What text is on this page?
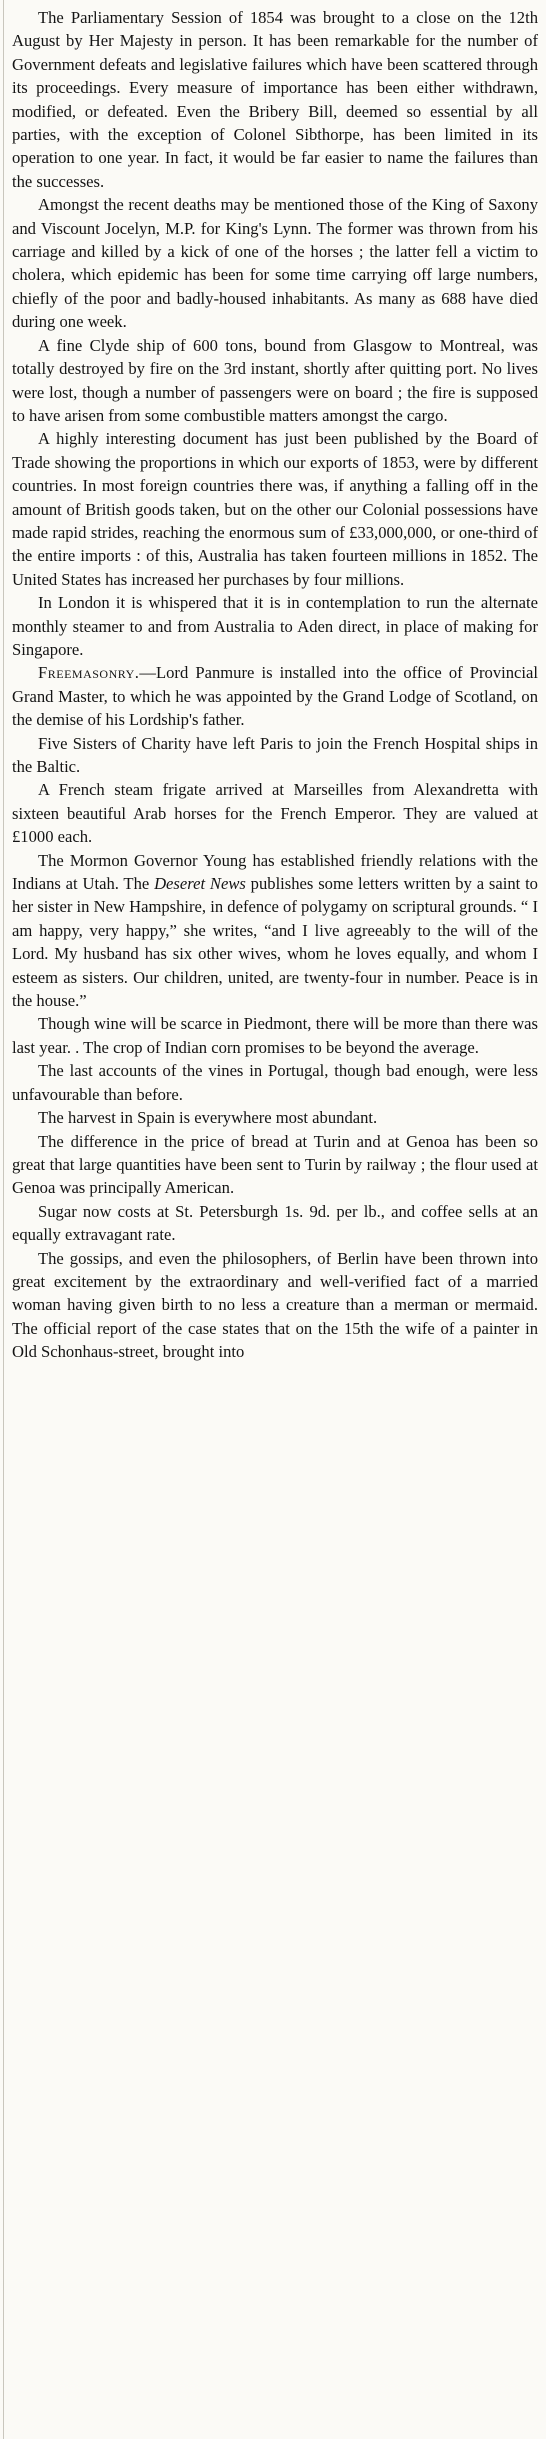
The Parliamentary Session of 1854 was brought to a close on the 12th August by Her Majesty in person. It has been remarkable for the number of Government defeats and legislative failures which have been scattered through its proceedings. Every measure of importance has been either withdrawn, modified, or defeated. Even the Bribery Bill, deemed so essential by all parties, with the exception of Colonel Sibthorpe, has been limited in its operation to one year. In fact, it would be far easier to name the failures than the successes.

Amongst the recent deaths may be mentioned those of the King of Saxony and Viscount Jocelyn, M.P. for King's Lynn. The former was thrown from his carriage and killed by a kick of one of the horses ; the latter fell a victim to cholera, which epidemic has been for some time carrying off large numbers, chiefly of the poor and badly-housed inhabitants. As many as 688 have died during one week.

A fine Clyde ship of 600 tons, bound from Glasgow to Montreal, was totally destroyed by fire on the 3rd instant, shortly after quitting port. No lives were lost, though a number of passengers were on board ; the fire is supposed to have arisen from some combustible matters amongst the cargo.

A highly interesting document has just been published by the Board of Trade showing the proportions in which our exports of 1853, were by different countries. In most foreign countries there was, if anything a falling off in the amount of British goods taken, but on the other our Colonial possessions have made rapid strides, reaching the enormous sum of £33,000,000, or one-third of the entire imports : of this, Australia has taken fourteen millions in 1852. The United States has increased her purchases by four millions.

In London it is whispered that it is in contemplation to run the alternate monthly steamer to and from Australia to Aden direct, in place of making for Singapore.

Freemasonry.—Lord Panmure is installed into the office of Provincial Grand Master, to which he was appointed by the Grand Lodge of Scotland, on the demise of his Lordship's father.

Five Sisters of Charity have left Paris to join the French Hospital ships in the Baltic.

A French steam frigate arrived at Marseilles from Alexandretta with sixteen beautiful Arab horses for the French Emperor. They are valued at £1000 each.

The Mormon Governor Young has established friendly relations with the Indians at Utah. The Deseret News publishes some letters written by a saint to her sister in New Hampshire, in defence of polygamy on scriptural grounds. “ I am happy, very happy,” she writes, “and I live agreeably to the will of the Lord. My husband has six other wives, whom he loves equally, and whom I esteem as sisters. Our children, united, are twenty-four in number. Peace is in the house.”

Though wine will be scarce in Piedmont, there will be more than there was last year. . The crop of Indian corn promises to be beyond the average.

The last accounts of the vines in Portugal, though bad enough, were less unfavourable than before.

The harvest in Spain is everywhere most abundant.

The difference in the price of bread at Turin and at Genoa has been so great that large quantities have been sent to Turin by railway ; the flour used at Genoa was principally American.

Sugar now costs at St. Petersburgh 1s. 9d. per lb., and coffee sells at an equally extravagant rate.

The gossips, and even the philosophers, of Berlin have been thrown into great excitement by the extraordinary and well-verified fact of a married woman having given birth to no less a creature than a merman or mermaid. The official report of the case states that on the 15th the wife of a painter in Old Schonhaus-street, brought into
